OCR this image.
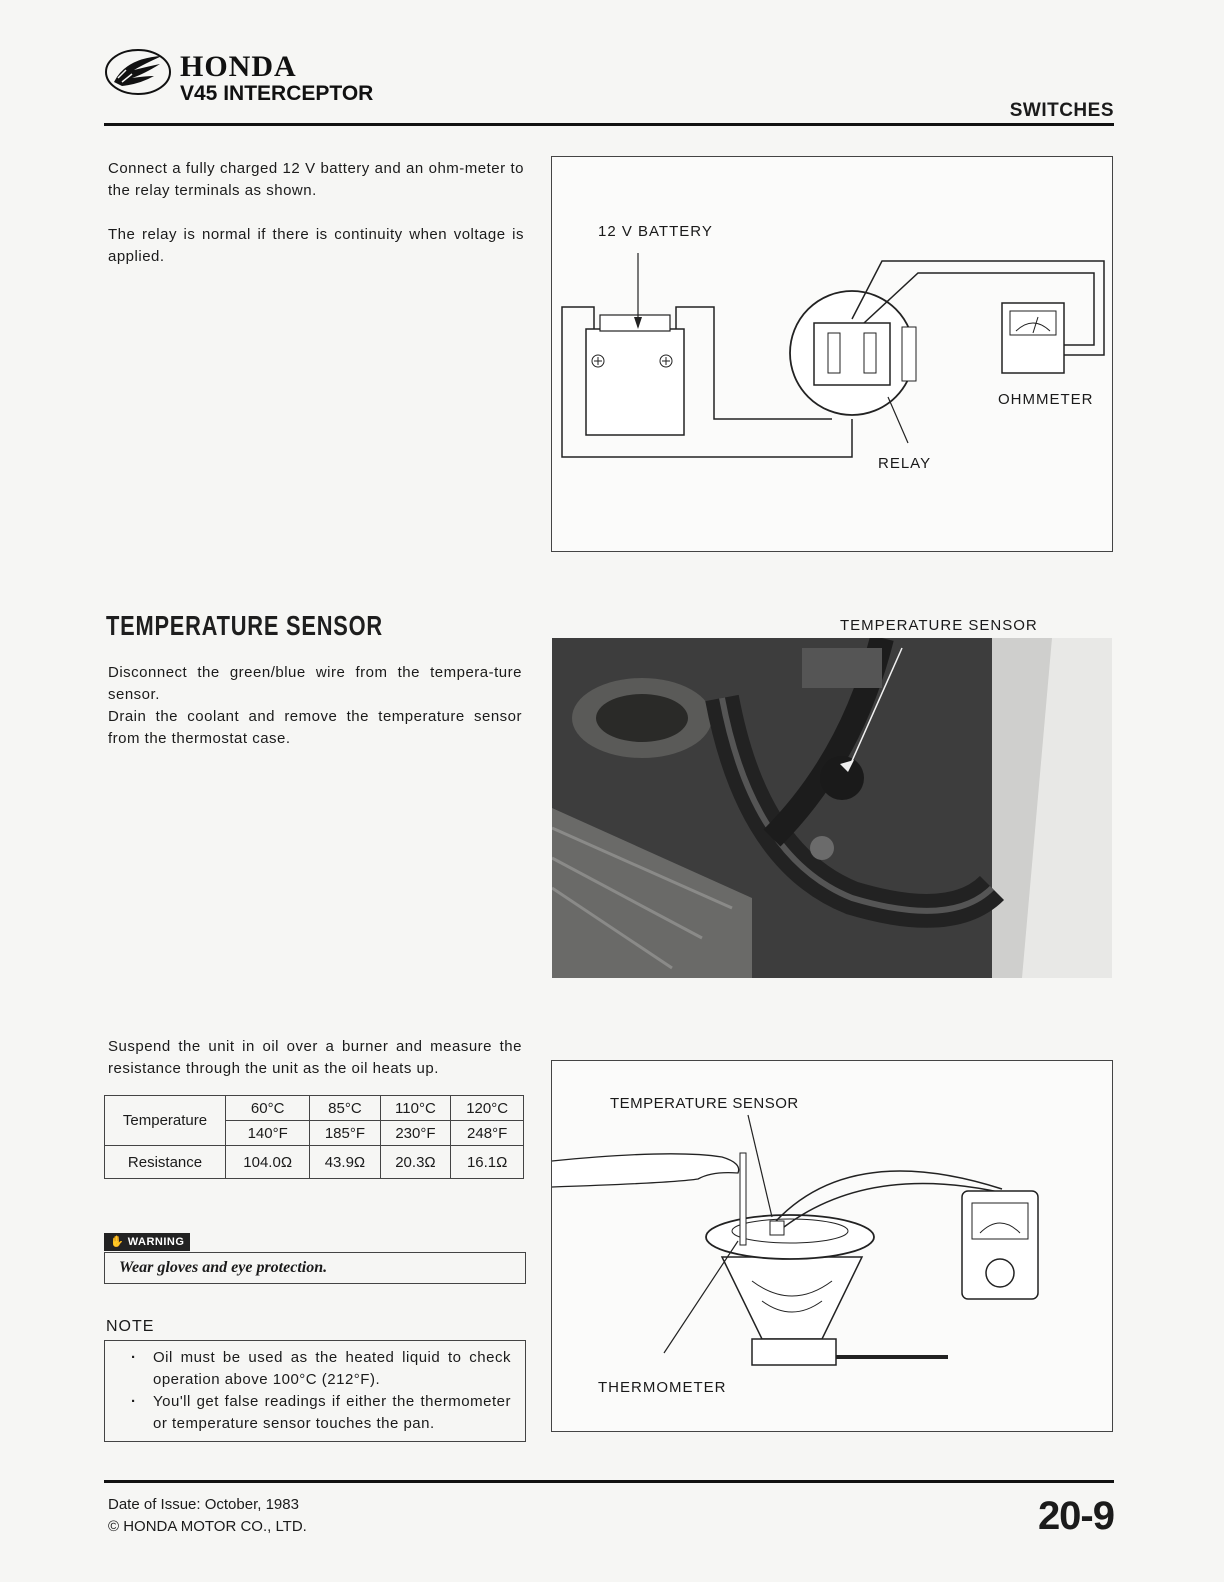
HONDA
V45 INTERCEPTOR
SWITCHES

Connect a fully charged 12 V battery and an ohm-meter to the relay terminals as shown.

The relay is normal if there is continuity when voltage is applied.

12 V BATTERY
OHMMETER
RELAY
TEMPERATURE SENSOR

Disconnect the green/blue wire from the tempera-ture sensor.

Drain the coolant and remove the temperature sensor from the thermostat case.

TEMPERATURE SENSOR

Suspend the unit in oil over a burner and measure the resistance through the unit as the oil heats up.

Temperature	60°C	85°C	110°C	120°C
	140°F	185°F	230°F	248°F
Resistance	104.0Ω	43.9Ω	20.3Ω	16.1Ω
✋ WARNING
Wear gloves and eye protection.
NOTE
· Oil must be used as the heated liquid to check operation above 100°C (212°F).
· You'll get false readings if either the thermometer or temperature sensor touches the pan.
TEMPERATURE SENSOR
THERMOMETER
Date of Issue: October, 1983
© HONDA MOTOR CO., LTD.	20-9
